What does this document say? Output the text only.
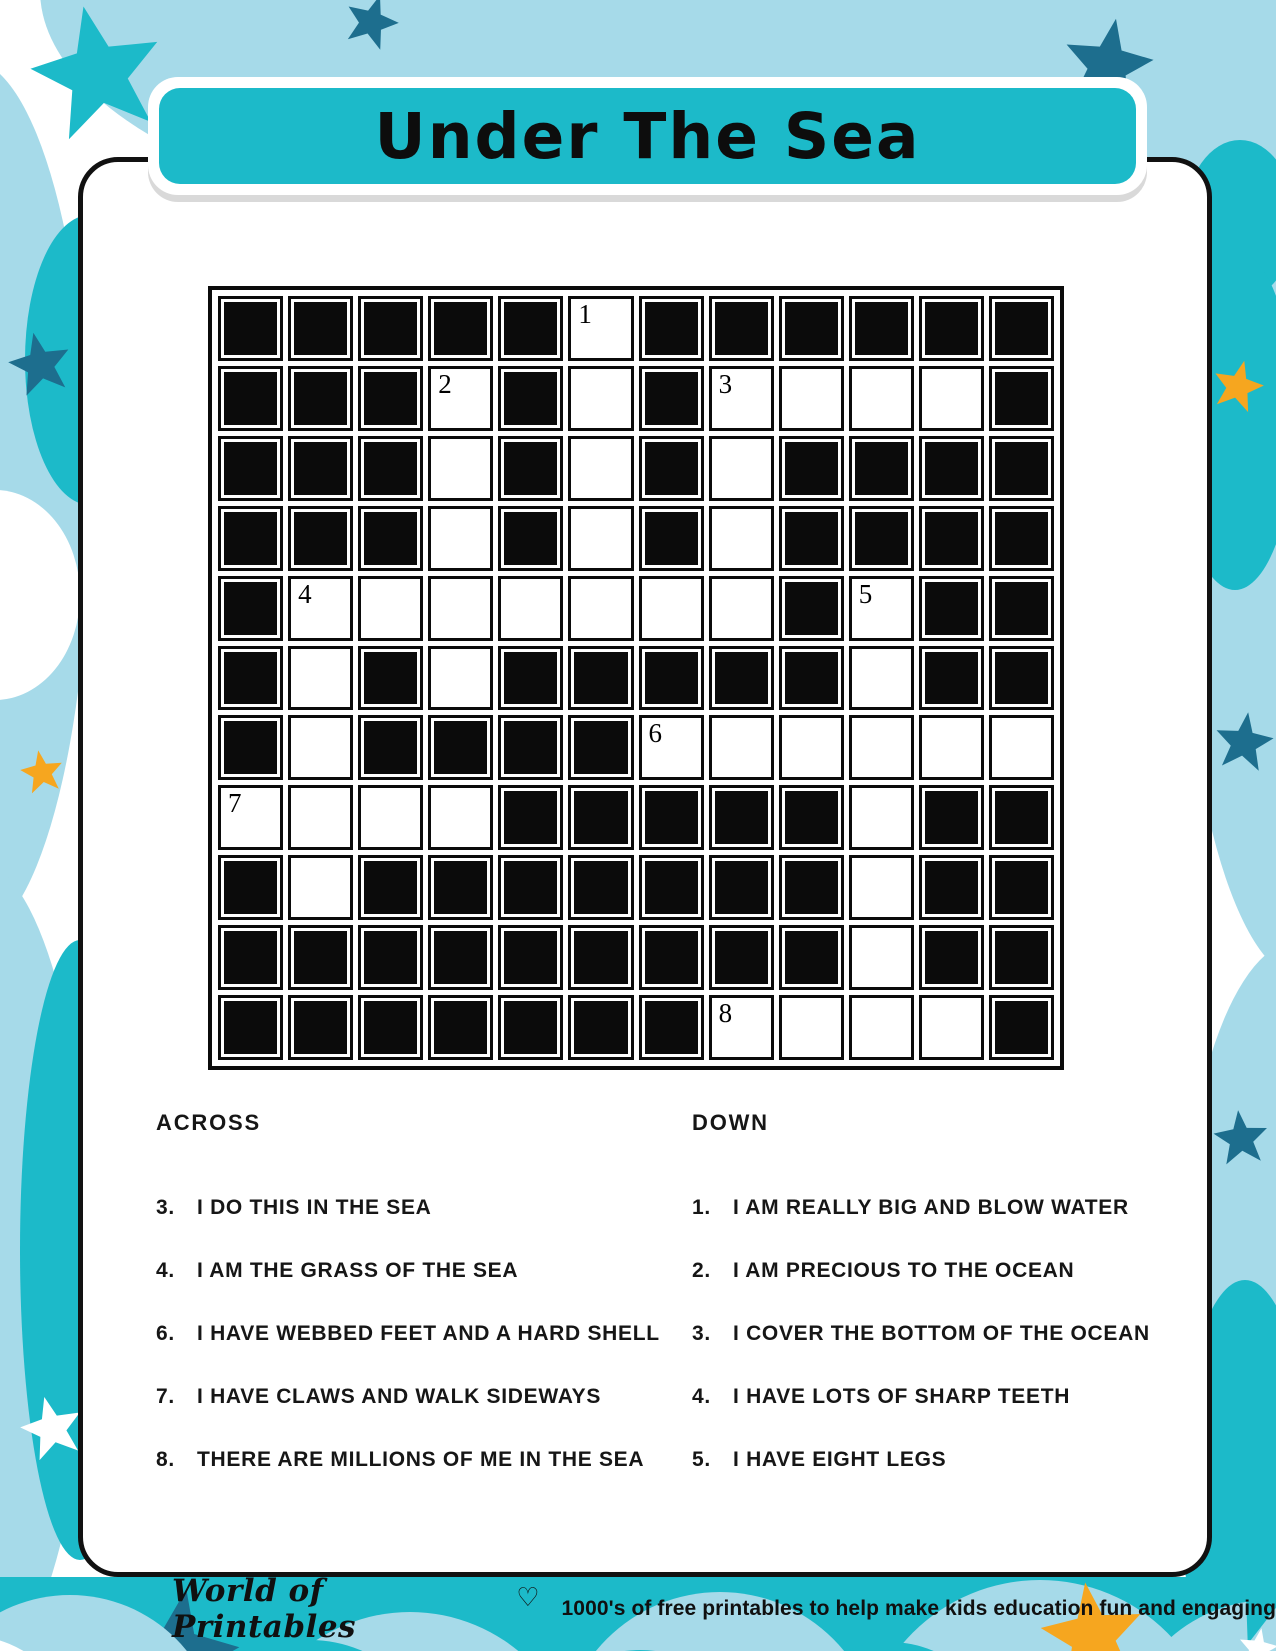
Under The Sea
1
2	3
4	5
6
7
8
ACROSS
3.	I DO THIS IN THE SEA
4.	I AM THE GRASS OF THE SEA
6.	I HAVE WEBBED FEET AND A HARD SHELL
7.	I HAVE CLAWS AND WALK SIDEWAYS
8.	THERE ARE MILLIONS OF ME IN THE SEA
DOWN
1.	I AM REALLY BIG AND BLOW WATER
2.	I AM PRECIOUS TO THE OCEAN
3.	I COVER THE BOTTOM OF THE OCEAN
4.	I HAVE LOTS OF SHARP TEETH
5.	I HAVE EIGHT LEGS
World of Printables
♡ 1000's of free printables to help make kids education fun and engaging
